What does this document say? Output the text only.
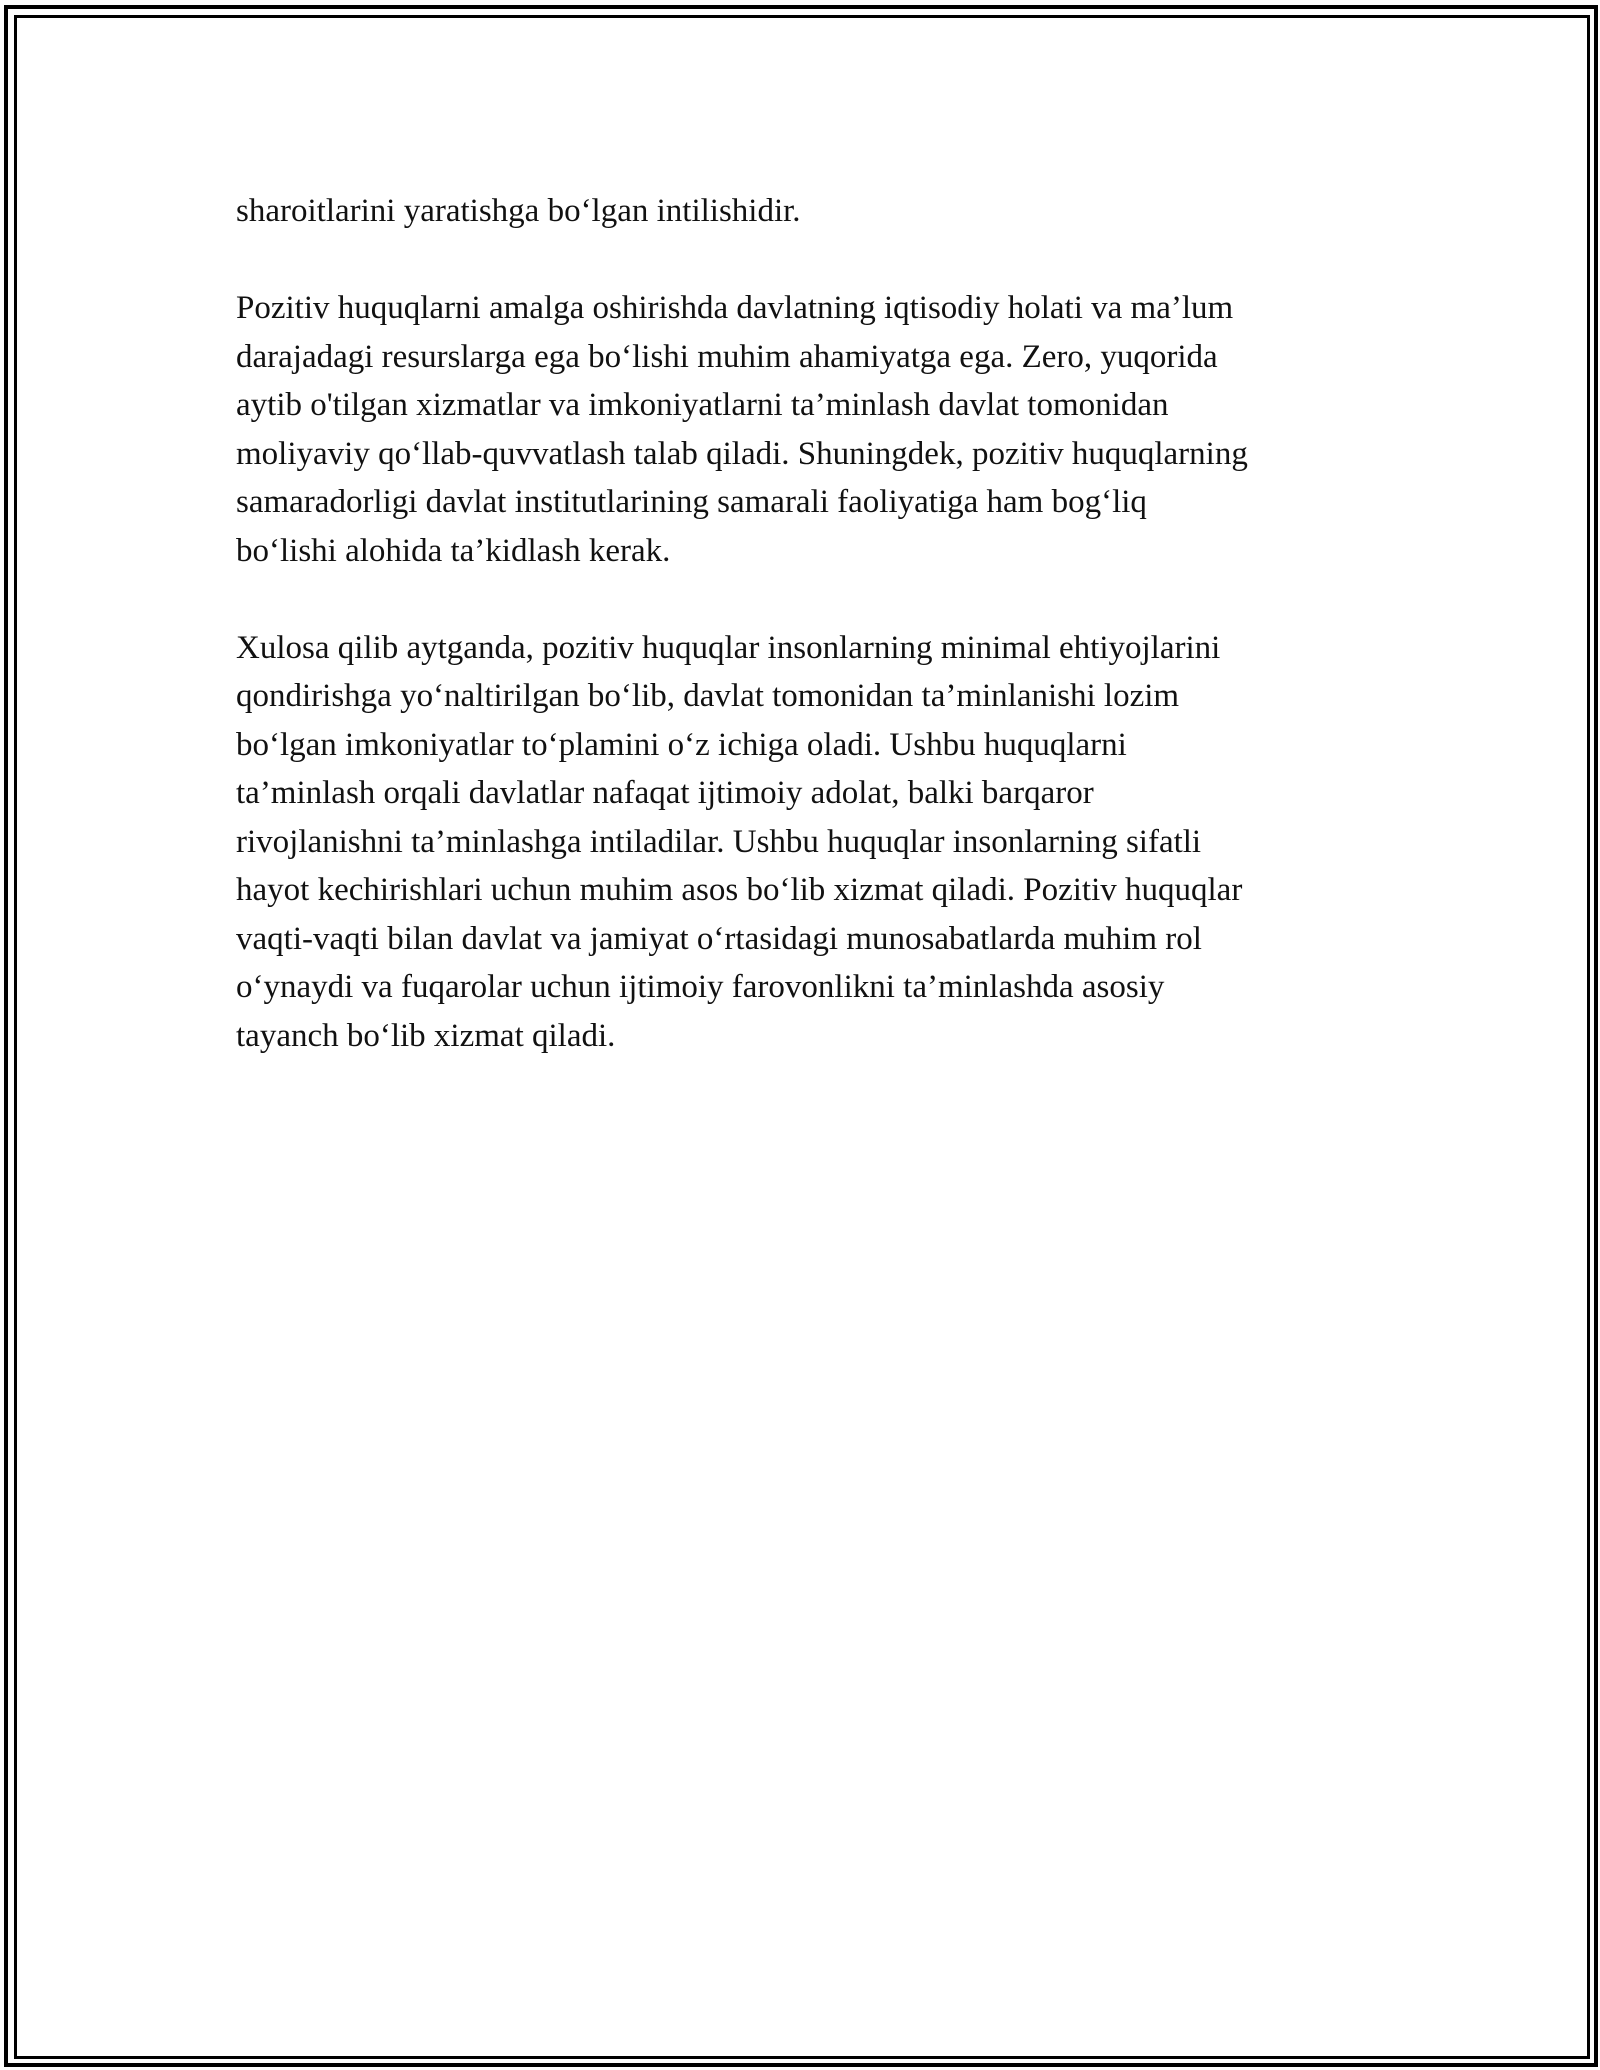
sharoitlarini yaratishga bo‘lgan intilishidir.
Pozitiv huquqlarni amalga oshirishda davlatning iqtisodiy holati va ma’lum
darajadagi resurslarga ega bo‘lishi muhim ahamiyatga ega. Zero, yuqorida
aytib o'tilgan xizmatlar va imkoniyatlarni ta’minlash davlat tomonidan
moliyaviy qo‘llab-quvvatlash talab qiladi. Shuningdek, pozitiv huquqlarning
samaradorligi davlat institutlarining samarali faoliyatiga ham bog‘liq
bo‘lishi alohida ta’kidlash kerak.
Xulosa qilib aytganda, pozitiv huquqlar insonlarning minimal ehtiyojlarini
qondirishga yo‘naltirilgan bo‘lib, davlat tomonidan ta’minlanishi lozim
bo‘lgan imkoniyatlar to‘plamini o‘z ichiga oladi. Ushbu huquqlarni
ta’minlash orqali davlatlar nafaqat ijtimoiy adolat, balki barqaror
rivojlanishni ta’minlashga intiladilar. Ushbu huquqlar insonlarning sifatli
hayot kechirishlari uchun muhim asos bo‘lib xizmat qiladi. Pozitiv huquqlar
vaqti-vaqti bilan davlat va jamiyat o‘rtasidagi munosabatlarda muhim rol
o‘ynaydi va fuqarolar uchun ijtimoiy farovonlikni ta’minlashda asosiy
tayanch bo‘lib xizmat qiladi.
